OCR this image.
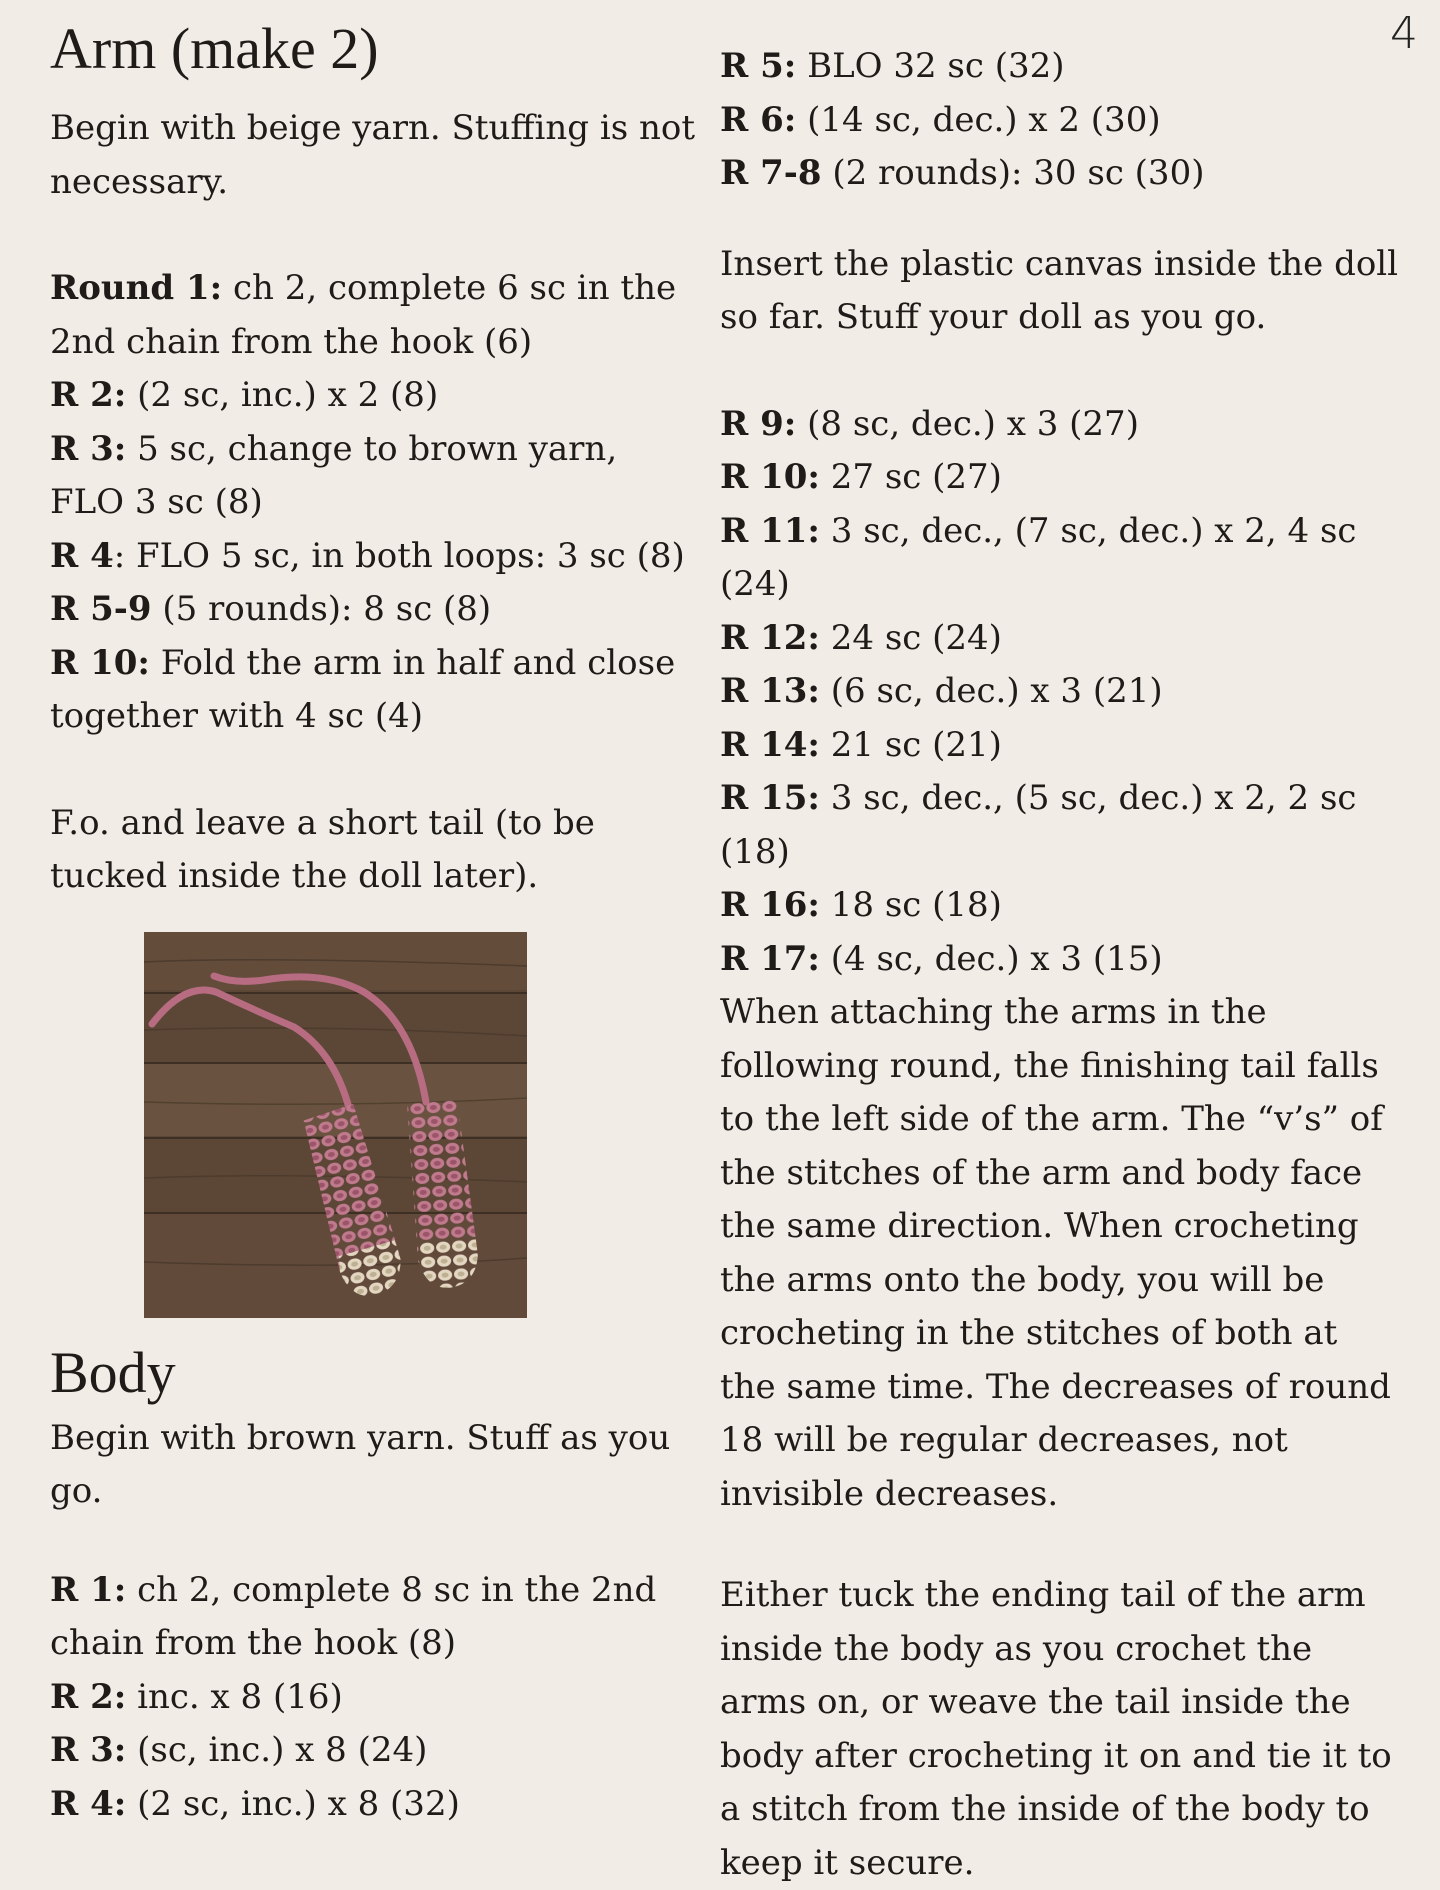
4
Arm (make 2)

Begin with beige yarn. Stuffing is not necessary.

Round 1: ch 2, complete 6 sc in the 2nd chain from the hook (6)

R 2: (2 sc, inc.) x 2 (8)

R 3: 5 sc, change to brown yarn, FLO 3 sc (8)

R 4: FLO 5 sc, in both loops: 3 sc (8)

R 5-9 (5 rounds): 8 sc (8)

R 10: Fold the arm in half and close together with 4 sc (4)

F.o. and leave a short tail (to be tucked inside the doll later).

Body

Begin with brown yarn. Stuff as you go.

R 1: ch 2, complete 8 sc in the 2nd chain from the hook (8)

R 2: inc. x 8 (16)

R 3: (sc, inc.) x 8 (24)

R 4: (2 sc, inc.) x 8 (32)

R 5: BLO 32 sc (32)

R 6: (14 sc, dec.) x 2 (30)

R 7-8 (2 rounds): 30 sc (30)

Insert the plastic canvas inside the doll so far. Stuff your doll as you go.

R 9: (8 sc, dec.) x 3 (27)

R 10: 27 sc (27)

R 11: 3 sc, dec., (7 sc, dec.) x 2, 4 sc (24)

R 12: 24 sc (24)

R 13: (6 sc, dec.) x 3 (21)

R 14: 21 sc (21)

R 15: 3 sc, dec., (5 sc, dec.) x 2, 2 sc (18)

R 16: 18 sc (18)

R 17: (4 sc, dec.) x 3 (15)

When attaching the arms in the following round, the finishing tail falls to the left side of the arm. The “v’s” of the stitches of the arm and body face the same direction. When crocheting the arms onto the body, you will be crocheting in the stitches of both at the same time. The decreases of round 18 will be regular decreases, not invisible decreases.

Either tuck the ending tail of the arm inside the body as you crochet the arms on, or weave the tail inside the body after crocheting it on and tie it to a stitch from the inside of the body to keep it secure.
